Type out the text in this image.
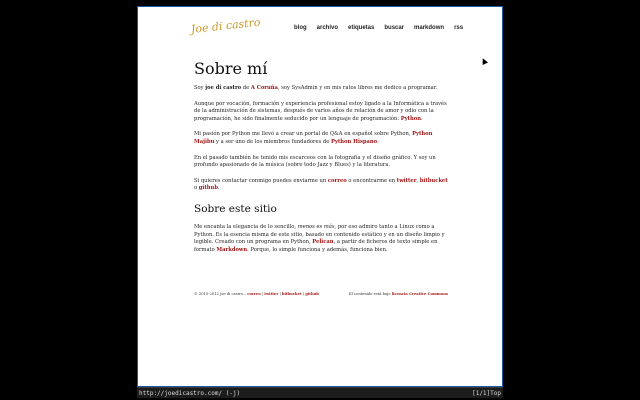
Joe di castro	blog archivo etiquetas buscar markdown rss
Sobre mí

Soy joe di castro de A Coruña, soy SysAdmin y en mis ratos libres me dedico a programar.

Aunque por vocación, formación y experiencia profesional estoy ligado a la Informática a través de la administración de sistemas, después de varios años de relación de amor y odio con la programación, he sido finalmente seducido por un lenguaje de programación: Python.

Mi pasión por Python me llevó a crear un portal de Q&A en español sobre Python, Python Majibu y a ser uno de los miembros fundadores de Python Hispano.

En el pasado también he tenido mis escarceos con la fotografía y el diseño gráfico. Y soy un profundo apasionado de la música (sobre todo Jazz y Blues) y la literatura.

Si quieres contactar conmigo puedes enviarme un correo o encontrarme en twitter, bitbucket o github.

Sobre este sitio

Me encanta la elegancia de lo sencillo, menos es más, por eso admiro tanto a Linux como a Python. Es la esencia misma de este sitio, basado en contenido estático y en un diseño limpio y legible. Creado con un programa en Python, Pelican, a partir de ficheros de texto simple en formato Markdown. Porque, lo simple funciona y además, funciona bien.

© 2010-2012 joe di castro – correo | twitter | bitbucket | github	El contenido está bajo licencia Creative Commons
http://joedicastro.com/ (-j)	[1/1]Top
